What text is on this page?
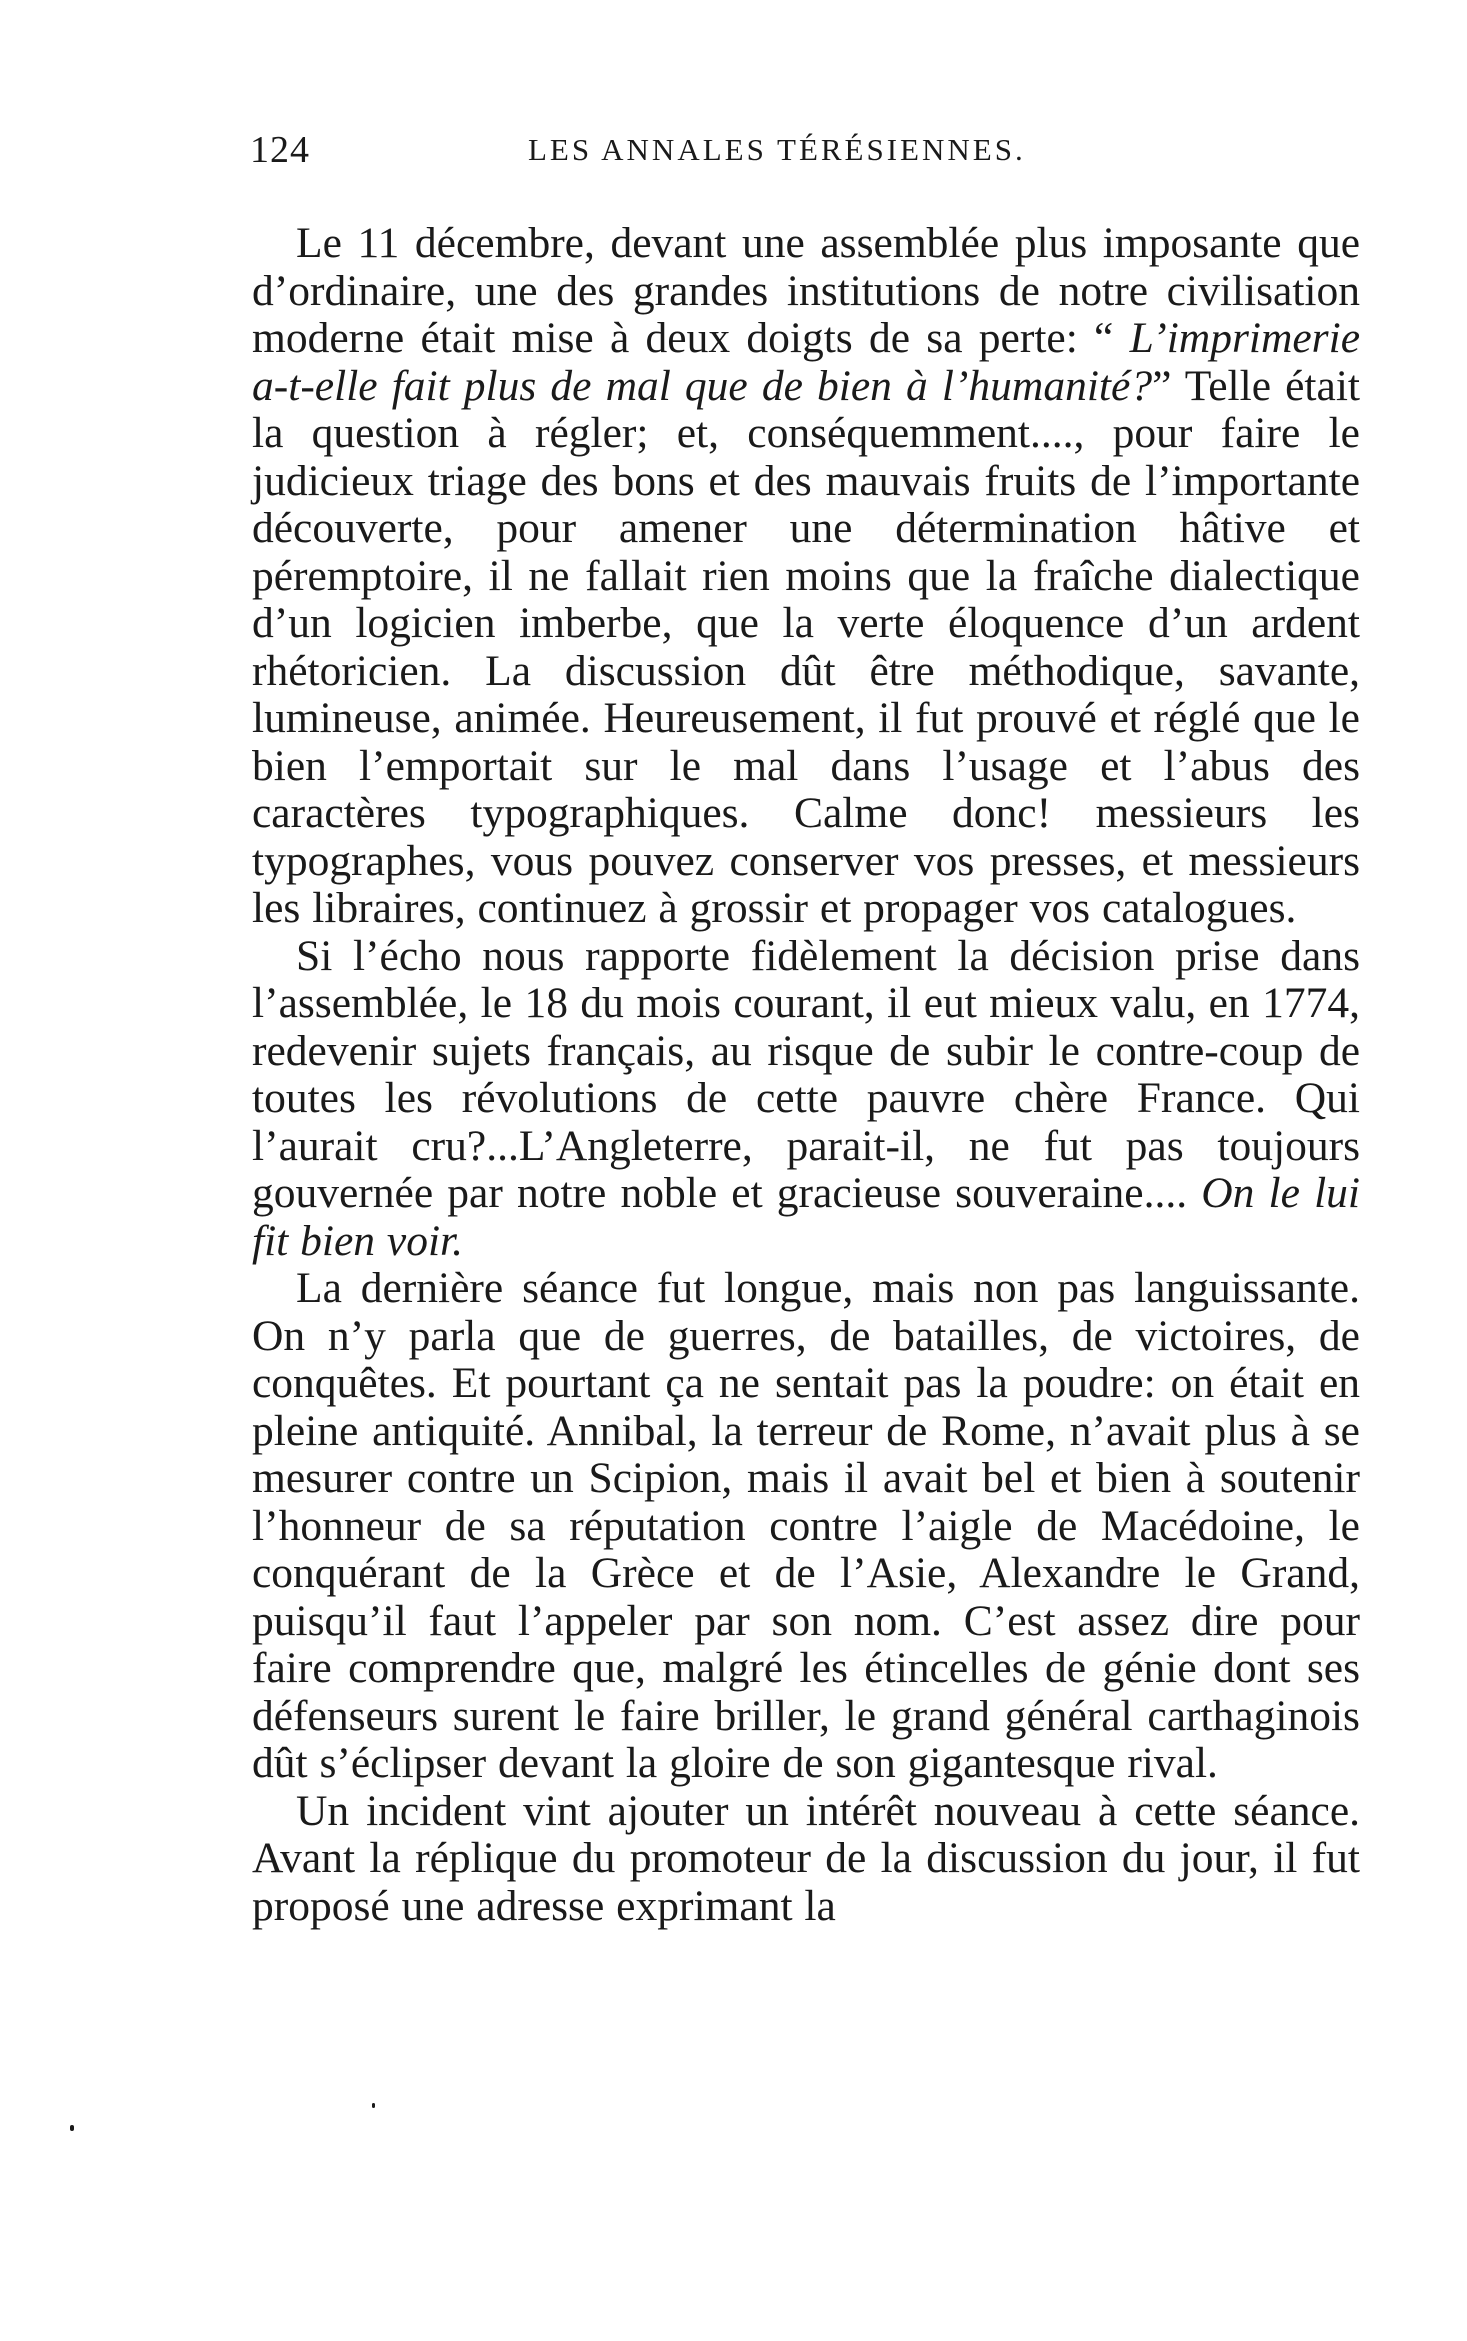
124	LES ANNALES TÉRÉSIENNES.

Le 11 décembre, devant une assemblée plus imposante que d’ordinaire, une des grandes institutions de notre civilisation moderne était mise à deux doigts de sa perte: “ L’imprimerie a-t-elle fait plus de mal que de bien à l’humanité?” Telle était la question à régler; et, conséquemment...., pour faire le judicieux triage des bons et des mauvais fruits de l’importante découverte, pour amener une détermination hâtive et péremptoire, il ne fallait rien moins que la fraîche dialectique d’un logicien imberbe, que la verte éloquence d’un ardent rhétoricien. La discussion dût être méthodique, savante, lumineuse, animée. Heureusement, il fut prouvé et réglé que le bien l’emportait sur le mal dans l’usage et l’abus des caractères typographiques. Calme donc! messieurs les typographes, vous pouvez conserver vos presses, et messieurs les libraires, continuez à grossir et propager vos catalogues.

Si l’écho nous rapporte fidèlement la décision prise dans l’assemblée, le 18 du mois courant, il eut mieux valu, en 1774, redevenir sujets français, au risque de subir le contre-coup de toutes les révolutions de cette pauvre chère France. Qui l’aurait cru?...L’Angleterre, parait-il, ne fut pas toujours gouvernée par notre noble et gracieuse souveraine.... On le lui fit bien voir.

La dernière séance fut longue, mais non pas languissante. On n’y parla que de guerres, de batailles, de victoires, de conquêtes. Et pourtant ça ne sentait pas la poudre: on était en pleine antiquité. Annibal, la terreur de Rome, n’avait plus à se mesurer contre un Scipion, mais il avait bel et bien à soutenir l’honneur de sa réputation contre l’aigle de Macédoine, le conquérant de la Grèce et de l’Asie, Alexandre le Grand, puisqu’il faut l’appeler par son nom. C’est assez dire pour faire comprendre que, malgré les étincelles de génie dont ses défenseurs surent le faire briller, le grand général carthaginois dût s’éclipser devant la gloire de son gigantesque rival.

Un incident vint ajouter un intérêt nouveau à cette séance. Avant la réplique du promoteur de la discussion du jour, il fut proposé une adresse exprimant la
